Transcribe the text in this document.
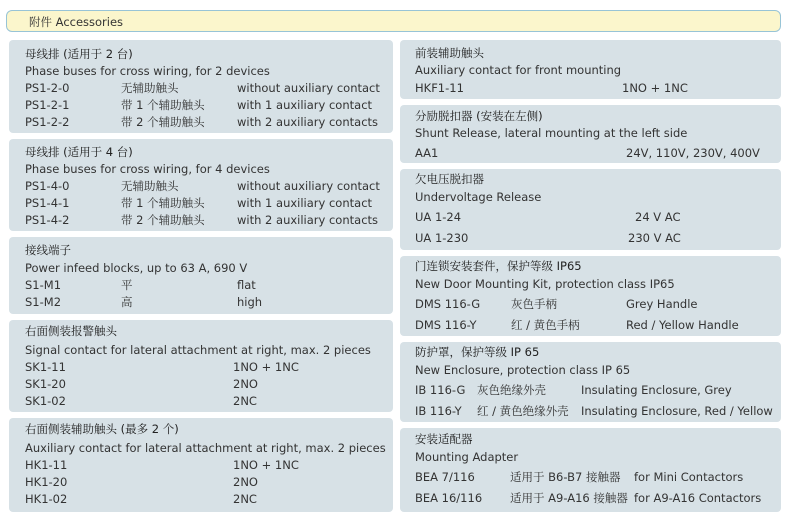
附件 Accessories
母线排 (适用于 2 台)
Phase buses for cross wiring, for 2 devices
PS1-2-0	无辅助触头	without auxiliary contact
PS1-2-1	带 1 个辅助触头	with 1 auxiliary contact
PS1-2-2	带 2 个辅助触头	with 2 auxiliary contacts
母线排 (适用于 4 台)
Phase buses for cross wiring, for 4 devices
PS1-4-0	无辅助触头	without auxiliary contact
PS1-4-1	带 1 个辅助触头	with 1 auxiliary contact
PS1-4-2	带 2 个辅助触头	with 2 auxiliary contacts
接线端子
Power infeed blocks, up to 63 A, 690 V
S1-M1	平	flat
S1-M2	高	high
右面侧装报警触头
Signal contact for lateral attachment at right, max. 2 pieces
SK1-11	1NO + 1NC
SK1-20	2NO
SK1-02	2NC
右面侧装辅助触头 (最多 2 个)
Auxiliary contact for lateral attachment at right, max. 2 pieces
HK1-11	1NO + 1NC
HK1-20	2NO
HK1-02	2NC
前装辅助触头
Auxiliary contact for front mounting
HKF1-11	1NO + 1NC
分励脱扣器 (安装在左侧)
Shunt Release, lateral mounting at the left side
AA1	24V, 110V, 230V, 400V
欠电压脱扣器
Undervoltage Release
UA 1-24	24 V AC
UA 1-230	230 V AC
门连锁安装套件，保护等级 IP65
New Door Mounting Kit, protection class IP65
DMS 116-G	灰色手柄	Grey Handle
DMS 116-Y	红 / 黄色手柄	Red / Yellow Handle
防护罩，保护等级 IP 65
New Enclosure, protection class IP 65
IB 116-G 灰色绝缘外壳	Insulating Enclosure, Grey
IB 116-Y 红 / 黄色绝缘外壳 Insulating Enclosure, Red / Yellow
安装适配器
Mounting Adapter
BEA 7/116	适用于 B6-B7 接触器 for Mini Contactors
BEA 16/116 适用于 A9-A16 接触器 for A9-A16 Contactors
